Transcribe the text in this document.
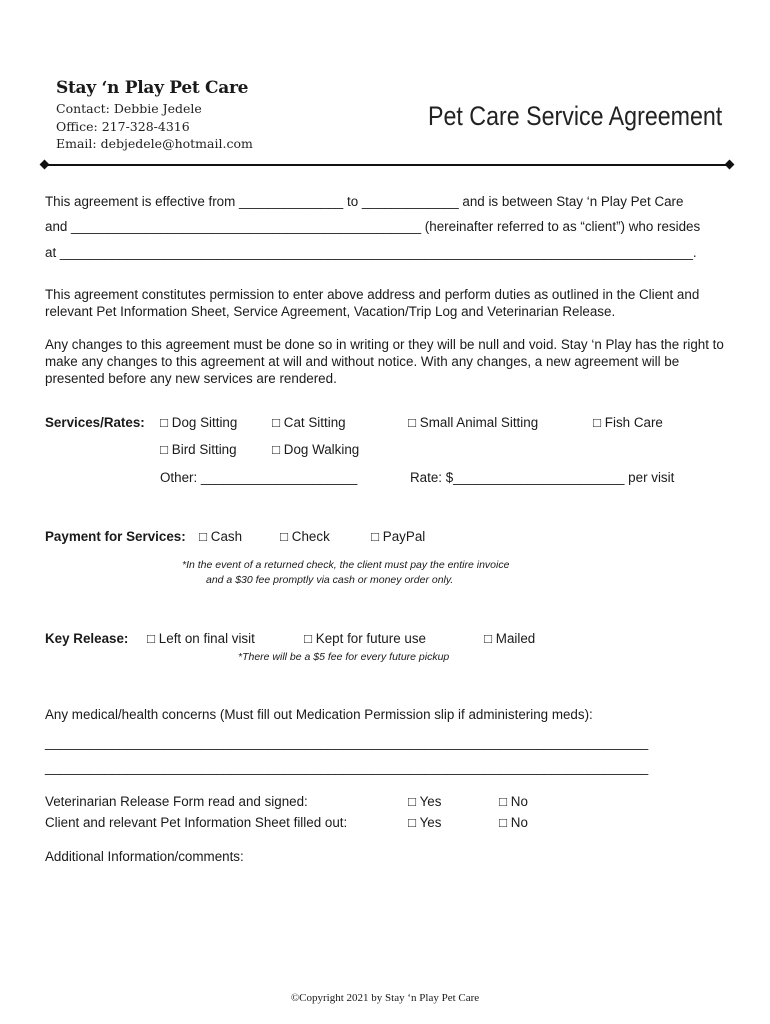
Stay ‘n Play Pet Care
Contact: Debbie Jedele
Office: 217-328-4316
Email: debjedele@hotmail.com
Pet Care Service Agreement
This agreement is effective from ______________ to _____________ and is between Stay ‘n Play Pet Care
and _______________________________________________ (hereinafter referred to as “client”) who resides
at _____________________________________________________________________________________.
This agreement constitutes permission to enter above address and perform duties as outlined in the Client and relevant Pet Information Sheet, Service Agreement, Vacation/Trip Log and Veterinarian Release.
Any changes to this agreement must be done so in writing or they will be null and void. Stay ‘n Play has the right to make any changes to this agreement at will and without notice. With any changes, a new agreement will be presented before any new services are rendered.
Services/Rates: □ Dog Sitting	□ Cat Sitting	□ Small Animal Sitting	□ Fish Care
□ Bird Sitting	□ Dog Walking
Other: _____________________	Rate: $_______________________ per visit
Payment for Services: □ Cash	□ Check	□ PayPal
*In the event of a returned check, the client must pay the entire invoice
and a $30 fee promptly via cash or money order only.
Key Release: □ Left on final visit	□ Kept for future use	□ Mailed
*There will be a $5 fee for every future pickup
Any medical/health concerns (Must fill out Medication Permission slip if administering meds):
_________________________________________________________________________________
_________________________________________________________________________________
Veterinarian Release Form read and signed:	□ Yes	□ No
Client and relevant Pet Information Sheet filled out:	□ Yes	□ No
Additional Information/comments:
©Copyright 2021 by Stay ‘n Play Pet Care
